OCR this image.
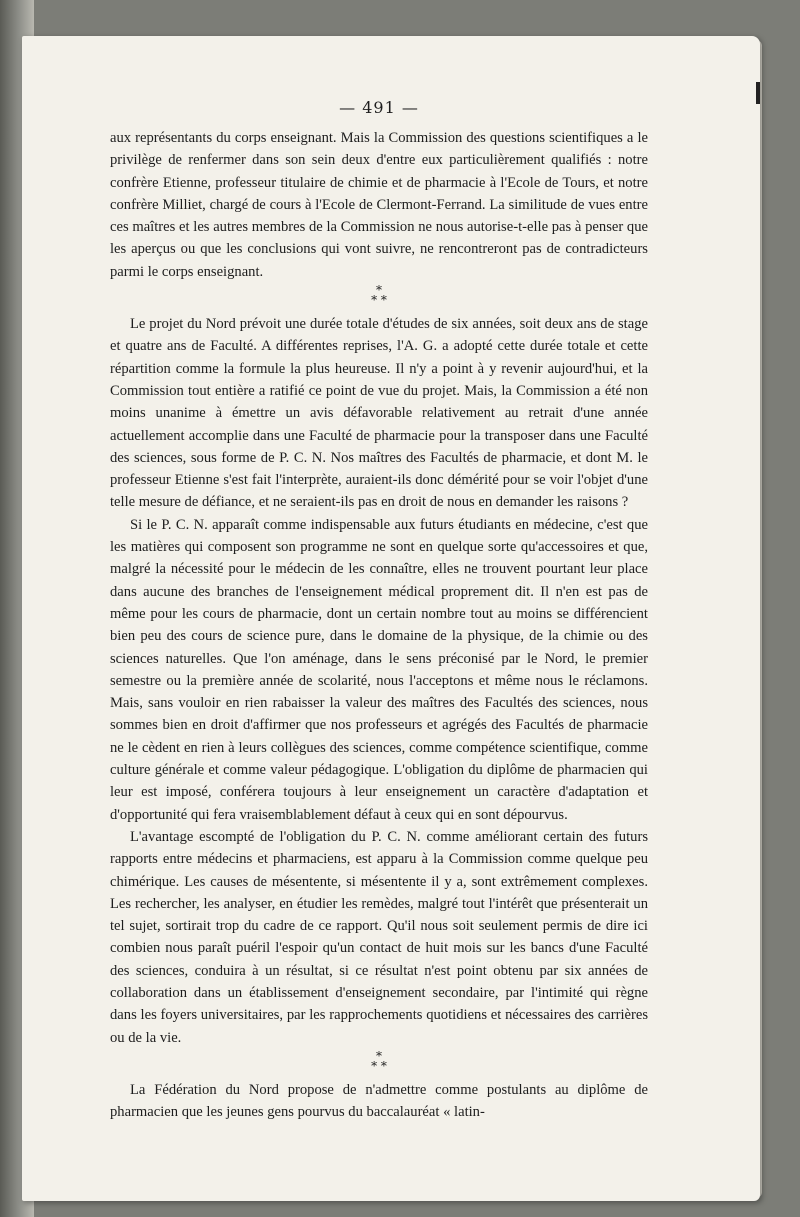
— 491 —

aux représentants du corps enseignant. Mais la Commission des questions scientifiques a le privilège de renfermer dans son sein deux d'entre eux particulièrement qualifiés : notre confrère Etienne, professeur titulaire de chimie et de pharmacie à l'Ecole de Tours, et notre confrère Milliet, chargé de cours à l'Ecole de Clermont-Ferrand. La similitude de vues entre ces maîtres et les autres membres de la Commission ne nous autorise-t-elle pas à penser que les aperçus ou que les conclusions qui vont suivre, ne rencontreront pas de contradicteurs parmi le corps enseignant.

*
* *

Le projet du Nord prévoit une durée totale d'études de six années, soit deux ans de stage et quatre ans de Faculté. A différentes reprises, l'A. G. a adopté cette durée totale et cette répartition comme la formule la plus heureuse. Il n'y a point à y revenir aujourd'hui, et la Commission tout entière a ratifié ce point de vue du projet. Mais, la Commission a été non moins unanime à émettre un avis défavorable relativement au retrait d'une année actuellement accomplie dans une Faculté de pharmacie pour la transposer dans une Faculté des sciences, sous forme de P. C. N. Nos maîtres des Facultés de pharmacie, et dont M. le professeur Etienne s'est fait l'interprète, auraient-ils donc démérité pour se voir l'objet d'une telle mesure de défiance, et ne seraient-ils pas en droit de nous en demander les raisons ?

Si le P. C. N. apparaît comme indispensable aux futurs étudiants en médecine, c'est que les matières qui composent son programme ne sont en quelque sorte qu'accessoires et que, malgré la nécessité pour le médecin de les connaître, elles ne trouvent pourtant leur place dans aucune des branches de l'enseignement médical proprement dit. Il n'en est pas de même pour les cours de pharmacie, dont un certain nombre tout au moins se différencient bien peu des cours de science pure, dans le domaine de la physique, de la chimie ou des sciences naturelles. Que l'on aménage, dans le sens préconisé par le Nord, le premier semestre ou la première année de scolarité, nous l'acceptons et même nous le réclamons. Mais, sans vouloir en rien rabaisser la valeur des maîtres des Facultés des sciences, nous sommes bien en droit d'affirmer que nos professeurs et agrégés des Facultés de pharmacie ne le cèdent en rien à leurs collègues des sciences, comme compétence scientifique, comme culture générale et comme valeur pédagogique. L'obligation du diplôme de pharmacien qui leur est imposé, conférera toujours à leur enseignement un caractère d'adaptation et d'opportunité qui fera vraisemblablement défaut à ceux qui en sont dépourvus.

L'avantage escompté de l'obligation du P. C. N. comme améliorant certain des futurs rapports entre médecins et pharmaciens, est apparu à la Commission comme quelque peu chimérique. Les causes de mésentente, si mésentente il y a, sont extrêmement complexes. Les rechercher, les analyser, en étudier les remèdes, malgré tout l'intérêt que présenterait un tel sujet, sortirait trop du cadre de ce rapport. Qu'il nous soit seulement permis de dire ici combien nous paraît puéril l'espoir qu'un contact de huit mois sur les bancs d'une Faculté des sciences, conduira à un résultat, si ce résultat n'est point obtenu par six années de collaboration dans un établissement d'enseignement secondaire, par l'intimité qui règne dans les foyers universitaires, par les rapprochements quotidiens et nécessaires des carrières ou de la vie.

*
* *

La Fédération du Nord propose de n'admettre comme postulants au diplôme de pharmacien que les jeunes gens pourvus du baccalauréat « latin-
